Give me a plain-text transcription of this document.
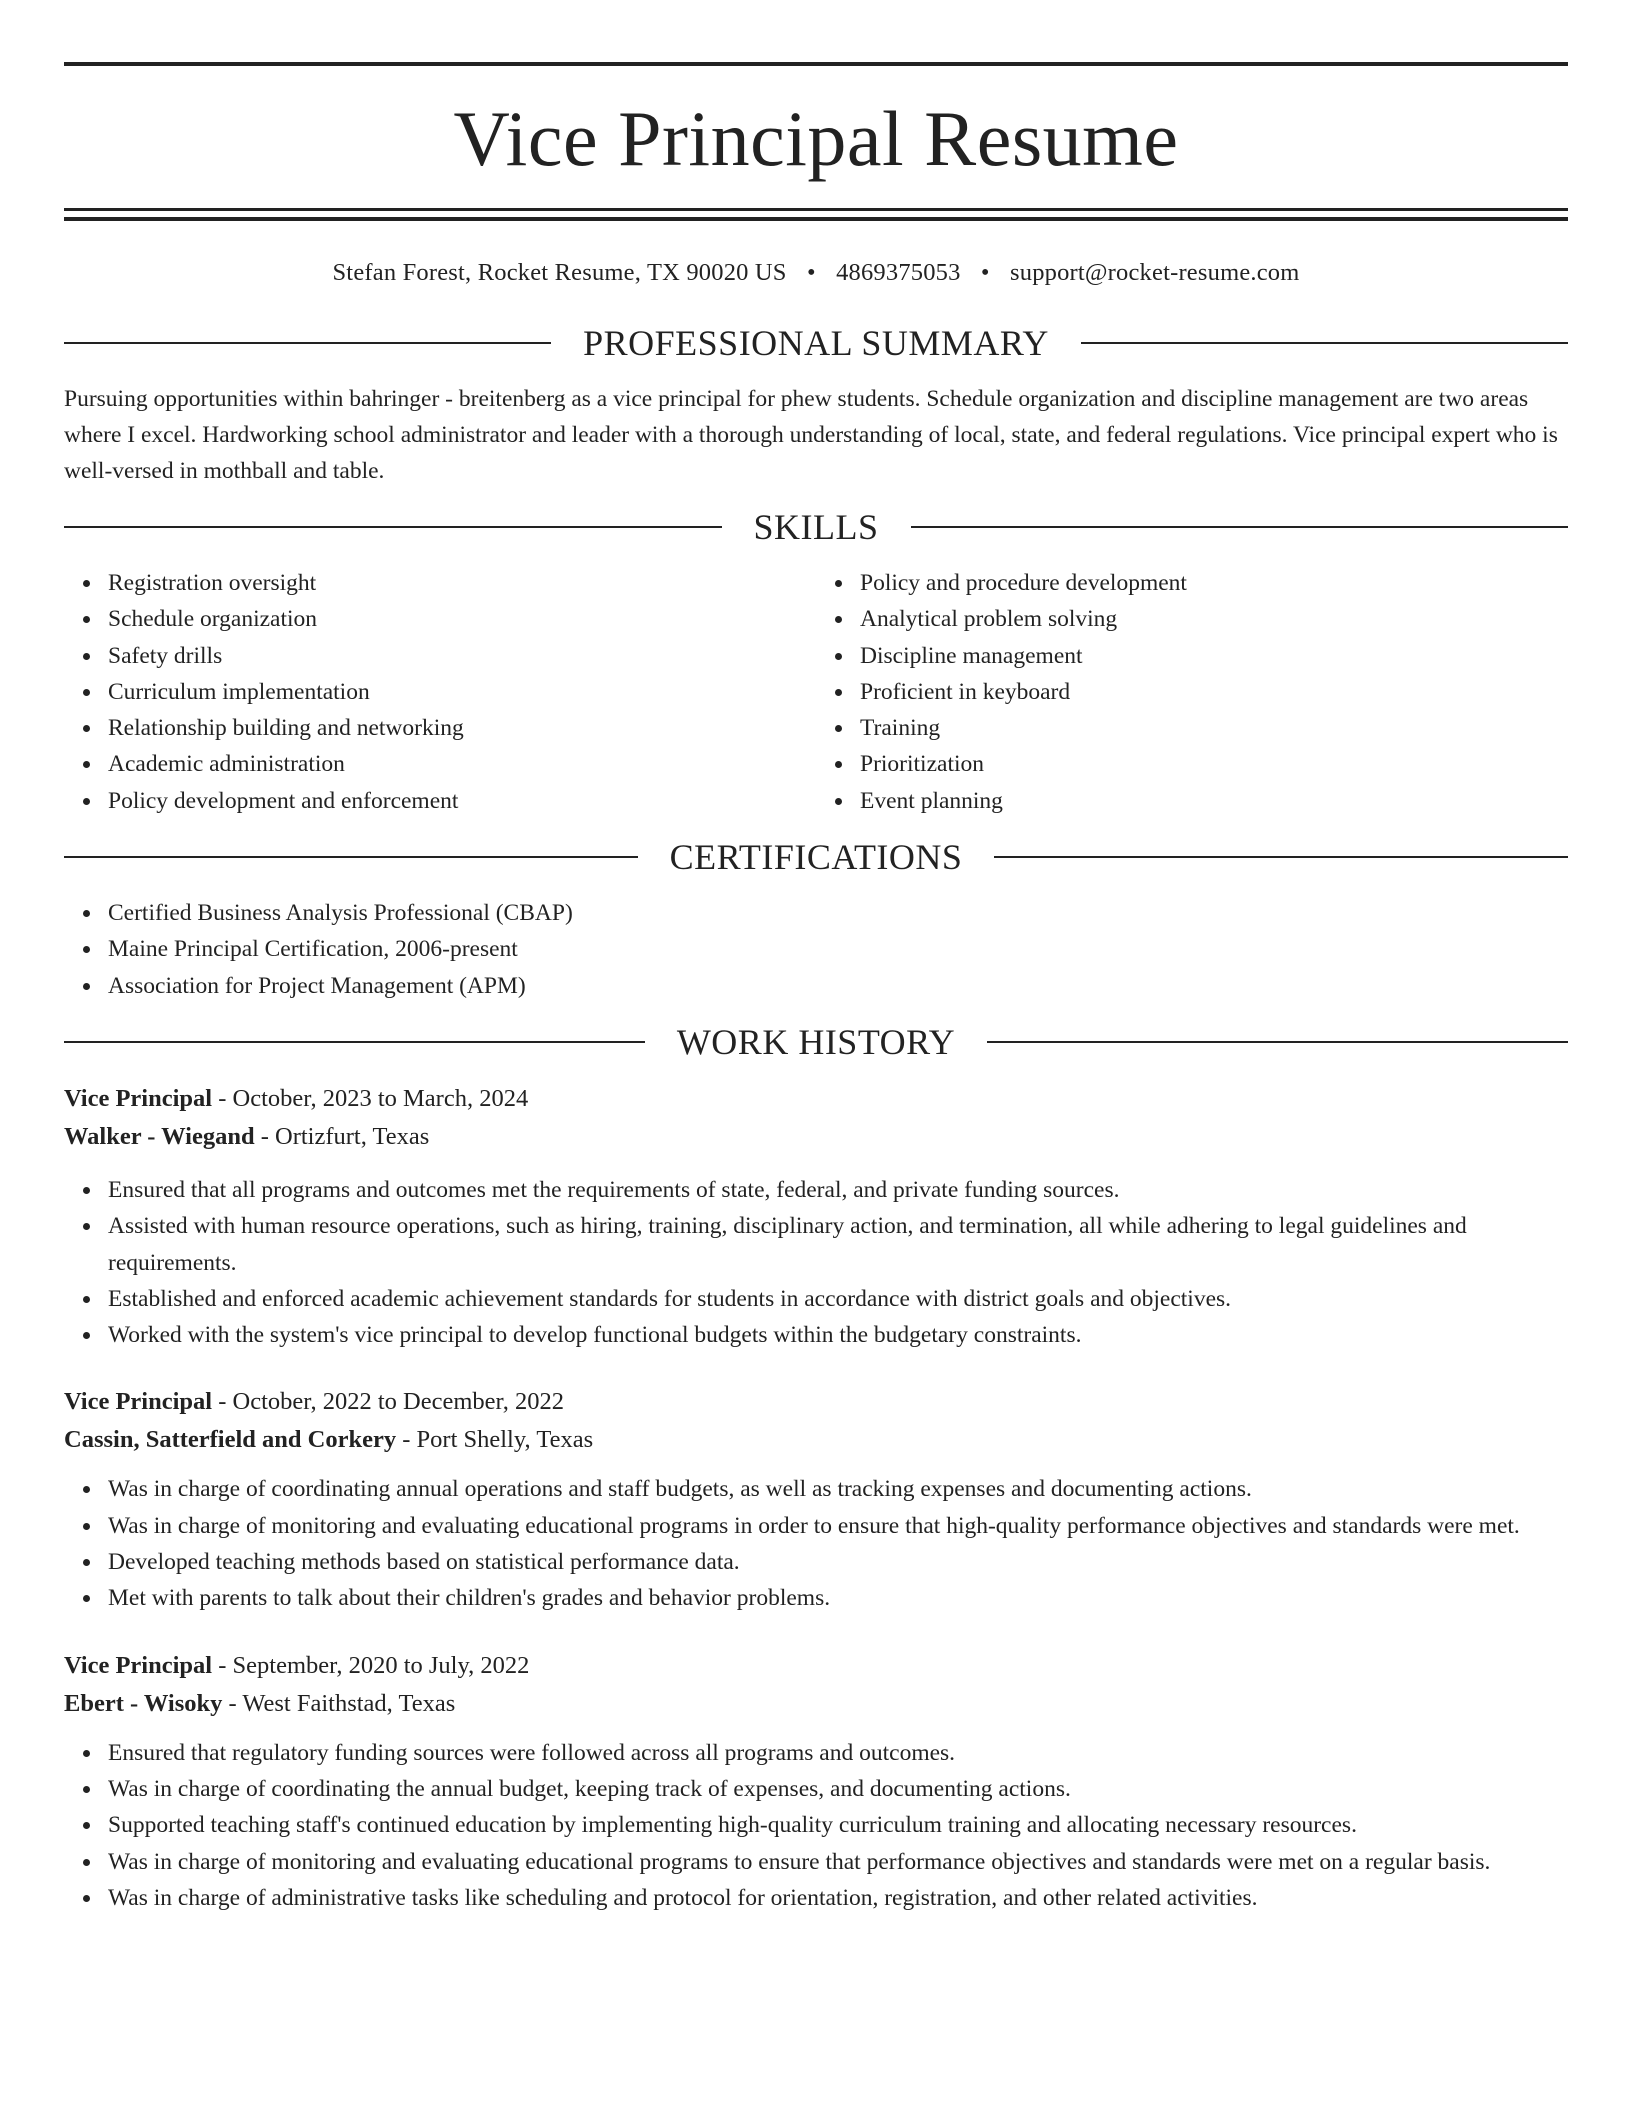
Vice Principal Resume
Stefan Forest, Rocket Resume, TX 90020 US • 4869375053 • support@rocket-resume.com
PROFESSIONAL SUMMARY

Pursuing opportunities within bahringer - breitenberg as a vice principal for phew students. Schedule organization and discipline management are two areas where I excel. Hardworking school administrator and leader with a thorough understanding of local, state, and federal regulations. Vice principal expert who is well-versed in mothball and table.

SKILLS
Registration oversight
Schedule organization
Safety drills
Curriculum implementation
Relationship building and networking
Academic administration
Policy development and enforcement
Policy and procedure development
Analytical problem solving
Discipline management
Proficient in keyboard
Training
Prioritization
Event planning
CERTIFICATIONS
Certified Business Analysis Professional (CBAP)
Maine Principal Certification, 2006-present
Association for Project Management (APM)
WORK HISTORY
Vice Principal - October, 2023 to March, 2024
Walker - Wiegand - Ortizfurt, Texas
Ensured that all programs and outcomes met the requirements of state, federal, and private funding sources.
Assisted with human resource operations, such as hiring, training, disciplinary action, and termination, all while adhering to legal guidelines and requirements.
Established and enforced academic achievement standards for students in accordance with district goals and objectives.
Worked with the system's vice principal to develop functional budgets within the budgetary constraints.
Vice Principal - October, 2022 to December, 2022
Cassin, Satterfield and Corkery - Port Shelly, Texas
Was in charge of coordinating annual operations and staff budgets, as well as tracking expenses and documenting actions.
Was in charge of monitoring and evaluating educational programs in order to ensure that high-quality performance objectives and standards were met.
Developed teaching methods based on statistical performance data.
Met with parents to talk about their children's grades and behavior problems.
Vice Principal - September, 2020 to July, 2022
Ebert - Wisoky - West Faithstad, Texas
Ensured that regulatory funding sources were followed across all programs and outcomes.
Was in charge of coordinating the annual budget, keeping track of expenses, and documenting actions.
Supported teaching staff's continued education by implementing high-quality curriculum training and allocating necessary resources.
Was in charge of monitoring and evaluating educational programs to ensure that performance objectives and standards were met on a regular basis.
Was in charge of administrative tasks like scheduling and protocol for orientation, registration, and other related activities.
